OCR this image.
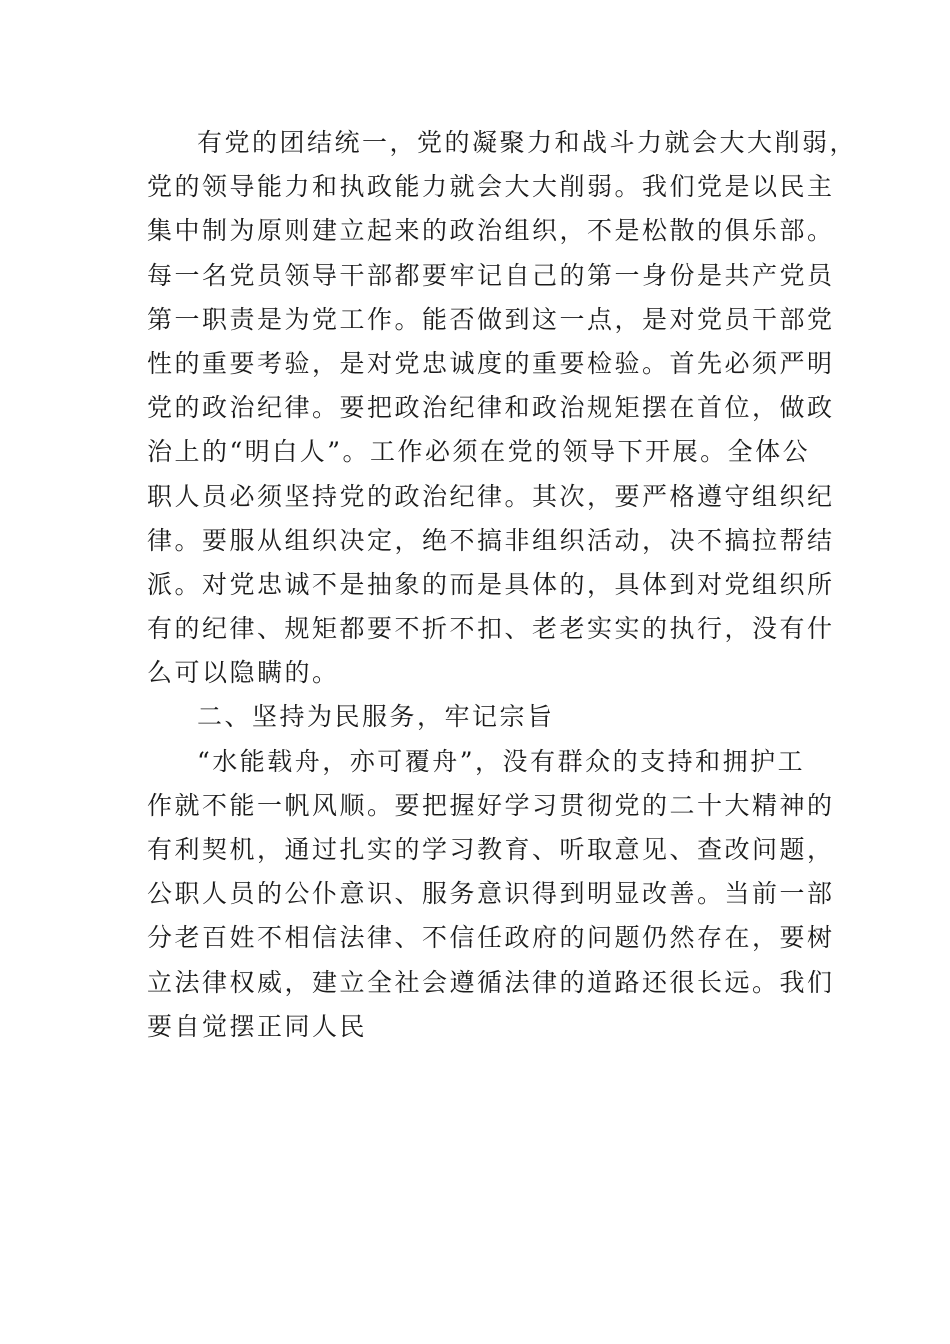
有党的团结统一，党的凝聚力和战斗力就会大大削弱，
党的领导能力和执政能力就会大大削弱。我们党是以民主
集中制为原则建立起来的政治组织，不是松散的俱乐部。
每一名党员领导干部都要牢记自己的第一身份是共产党员
第一职责是为党工作。能否做到这一点，是对党员干部党
性的重要考验，是对党忠诚度的重要检验。首先必须严明
党的政治纪律。要把政治纪律和政治规矩摆在首位，做政
治上的“明白人”。工作必须在党的领导下开展。全体公
职人员必须坚持党的政治纪律。其次，要严格遵守组织纪
律。要服从组织决定，绝不搞非组织活动，决不搞拉帮结
派。对党忠诚不是抽象的而是具体的，具体到对党组织所
有的纪律、规矩都要不折不扣、老老实实的执行，没有什
么可以隐瞒的。
二、坚持为民服务，牢记宗旨
“水能载舟，亦可覆舟”，没有群众的支持和拥护工
作就不能一帆风顺。要把握好学习贯彻党的二十大精神的
有利契机，通过扎实的学习教育、听取意见、查改问题，
公职人员的公仆意识、服务意识得到明显改善。当前一部
分老百姓不相信法律、不信任政府的问题仍然存在，要树
立法律权威，建立全社会遵循法律的道路还很长远。我们
要自觉摆正同人民
